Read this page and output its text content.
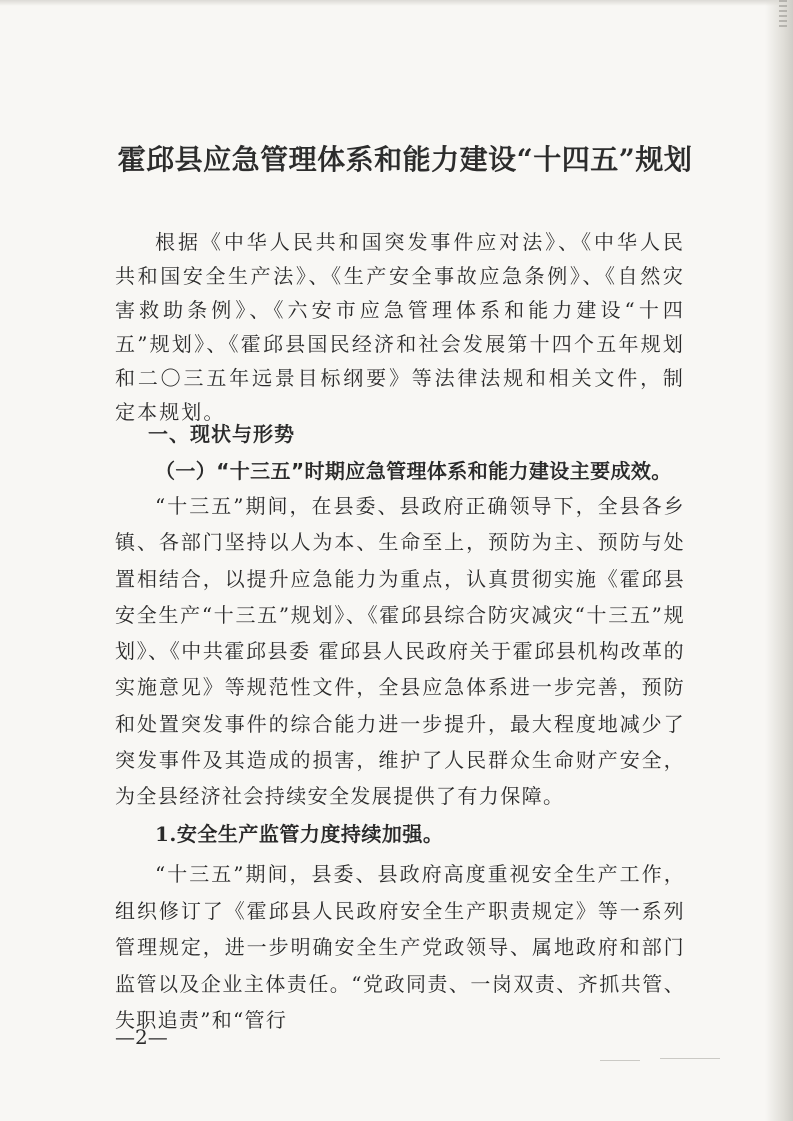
霍邱县应急管理体系和能力建设“十四五”规划

根据《中华人民共和国突发事件应对法》、《中华人民共和国安全生产法》、《生产安全事故应急条例》、《自然灾害救助条例》、《六安市应急管理体系和能力建设“十四五”规划》、《霍邱县国民经济和社会发展第十四个五年规划和二〇三五年远景目标纲要》等法律法规和相关文件，制定本规划。

一、现状与形势
（一）“十三五”时期应急管理体系和能力建设主要成效。

“十三五”期间，在县委、县政府正确领导下，全县各乡镇、各部门坚持以人为本、生命至上，预防为主、预防与处置相结合，以提升应急能力为重点，认真贯彻实施《霍邱县安全生产“十三五”规划》、《霍邱县综合防灾减灾“十三五”规划》、《中共霍邱县委 霍邱县人民政府关于霍邱县机构改革的实施意见》等规范性文件，全县应急体系进一步完善，预防和处置突发事件的综合能力进一步提升，最大程度地减少了突发事件及其造成的损害，维护了人民群众生命财产安全，为全县经济社会持续安全发展提供了有力保障。

1.安全生产监管力度持续加强。

“十三五”期间，县委、县政府高度重视安全生产工作，组织修订了《霍邱县人民政府安全生产职责规定》等一系列管理规定，进一步明确安全生产党政领导、属地政府和部门监管以及企业主体责任。“党政同责、一岗双责、齐抓共管、失职追责”和“管行

—2—
